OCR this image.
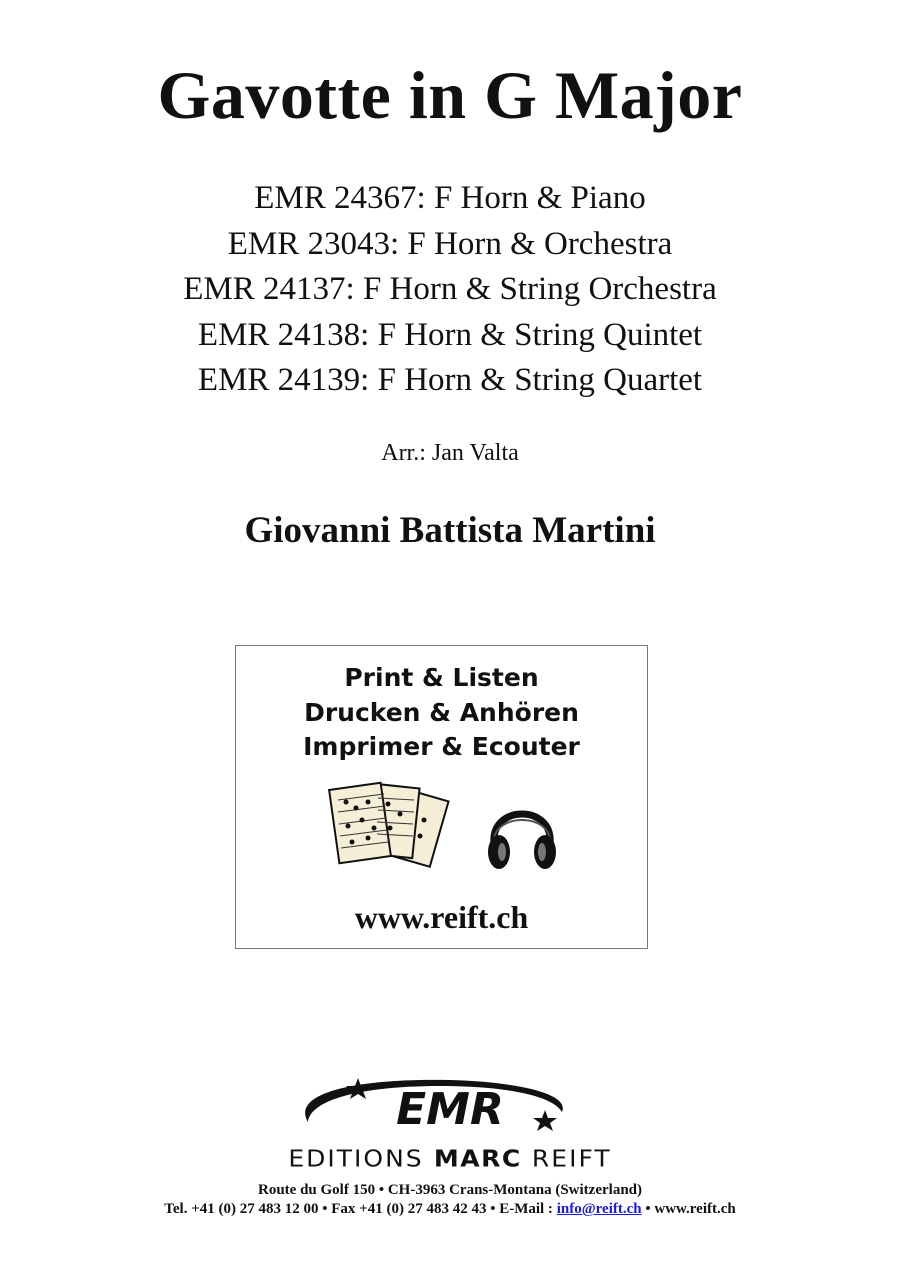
Gavotte in G Major
EMR 24367: F Horn & Piano
EMR 23043: F Horn & Orchestra
EMR 24137: F Horn & String Orchestra
EMR 24138: F Horn & String Quintet
EMR 24139: F Horn & String Quartet
Arr.: Jan Valta
Giovanni Battista Martini
Print & Listen
Drucken & Anhören
Imprimer & Ecouter
www.reift.ch
EMR
EDITIONS MARC REIFT
Route du Golf 150 • CH-3963 Crans-Montana (Switzerland)
Tel. +41 (0) 27 483 12 00 • Fax +41 (0) 27 483 42 43 • E-Mail : info@reift.ch • www.reift.ch
